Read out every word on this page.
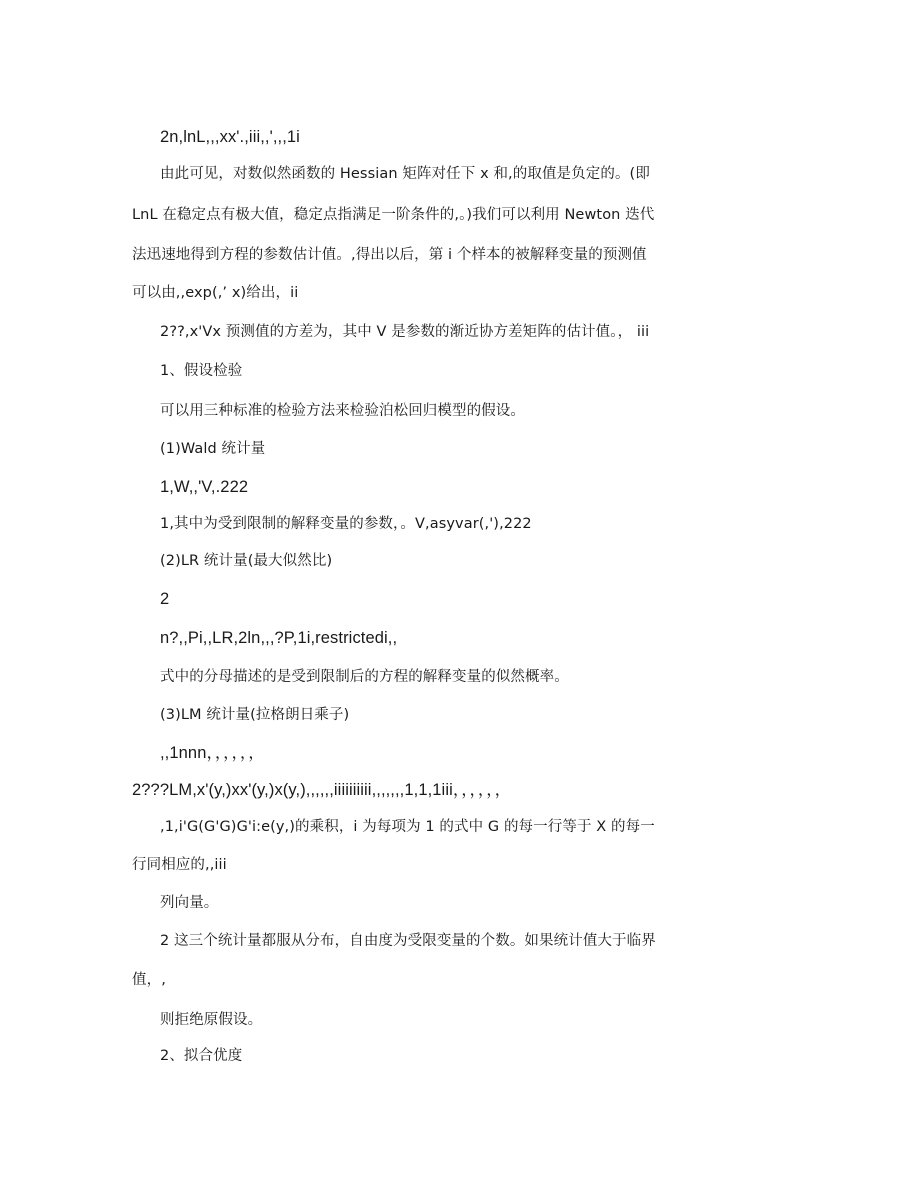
2n,lnL,,,xx'.,iii,,',,,1i
由此可见，对数似然函数的 Hessian 矩阵对任下 x 和,的取值是负定的。(即
LnL 在稳定点有极大值，稳定点指满足一阶条件的,。)我们可以利用 Newton 迭代
法迅速地得到方程的参数估计值。,得出以后，第 i 个样本的被解释变量的预测值
可以由,,exp(,’ x)给出，ii
2??,x'Vx 预测值的方差为，其中 V 是参数的渐近协方差矩阵的估计值。， iii
1、假设检验
可以用三种标准的检验方法来检验泊松回归模型的假设。
(1)Wald 统计量
1,W,,'V,.222
1,其中为受到限制的解释变量的参数，。V,asyvar(,'),222
(2)LR 统计量(最大似然比)
2
n?,,Pi,,LR,2ln,,,?P,1i,restrictedi,,
式中的分母描述的是受到限制后的方程的解释变量的似然概率。
(3)LM 统计量(拉格朗日乘子)
,,1nnn，，，，，，
2???LM,x'(y,)xx'(y,)x(y,),,,,,,iiiiiiiiii,,,,,,,1,1,1iii，，，，，，
,1,i'G(G'G)G'i:e(y,)的乘积，i 为每项为 1 的式中 G 的每一行等于 X 的每一
行同相应的,,iii
列向量。
2 这三个统计量都服从分布，自由度为受限变量的个数。如果统计值大于临界
值，,
则拒绝原假设。
2、拟合优度
